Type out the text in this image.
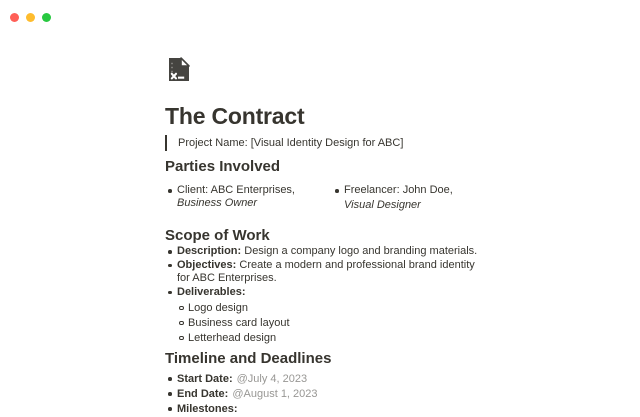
The Contract
Project Name: [Visual Identity Design for ABC]
Parties Involved
Client: ABC Enterprises,
Business Owner
Freelancer: John Doe,
Visual Designer
Scope of Work
Description: Design a company logo and branding materials.
Objectives: Create a modern and professional brand identity for ABC Enterprises.
Deliverables:
Logo design
Business card layout
Letterhead design
Timeline and Deadlines
Start Date: @July 4, 2023
End Date: @August 1, 2023
Milestones:
